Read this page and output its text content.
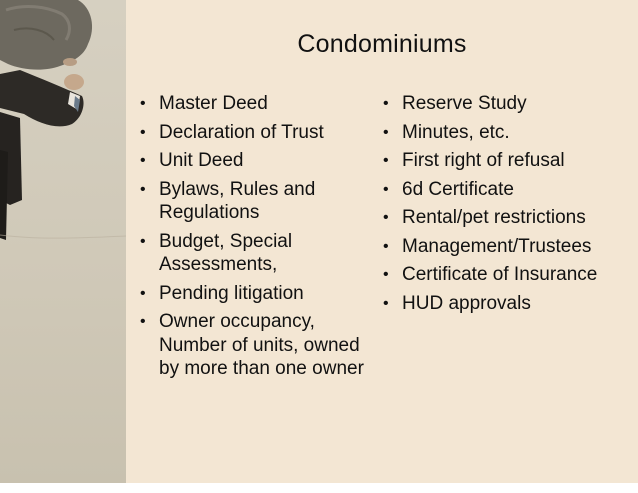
Condominiums
• Master Deed
• Declaration of Trust
• Unit Deed
• Bylaws, Rules and Regulations
• Budget, Special Assessments,
• Pending litigation
• Owner occupancy, Number of units, owned by more than one owner
• Reserve Study
• Minutes, etc.
• First right of refusal
• 6d Certificate
• Rental/pet restrictions
• Management/Trustees
• Certificate of Insurance
• HUD approvals
